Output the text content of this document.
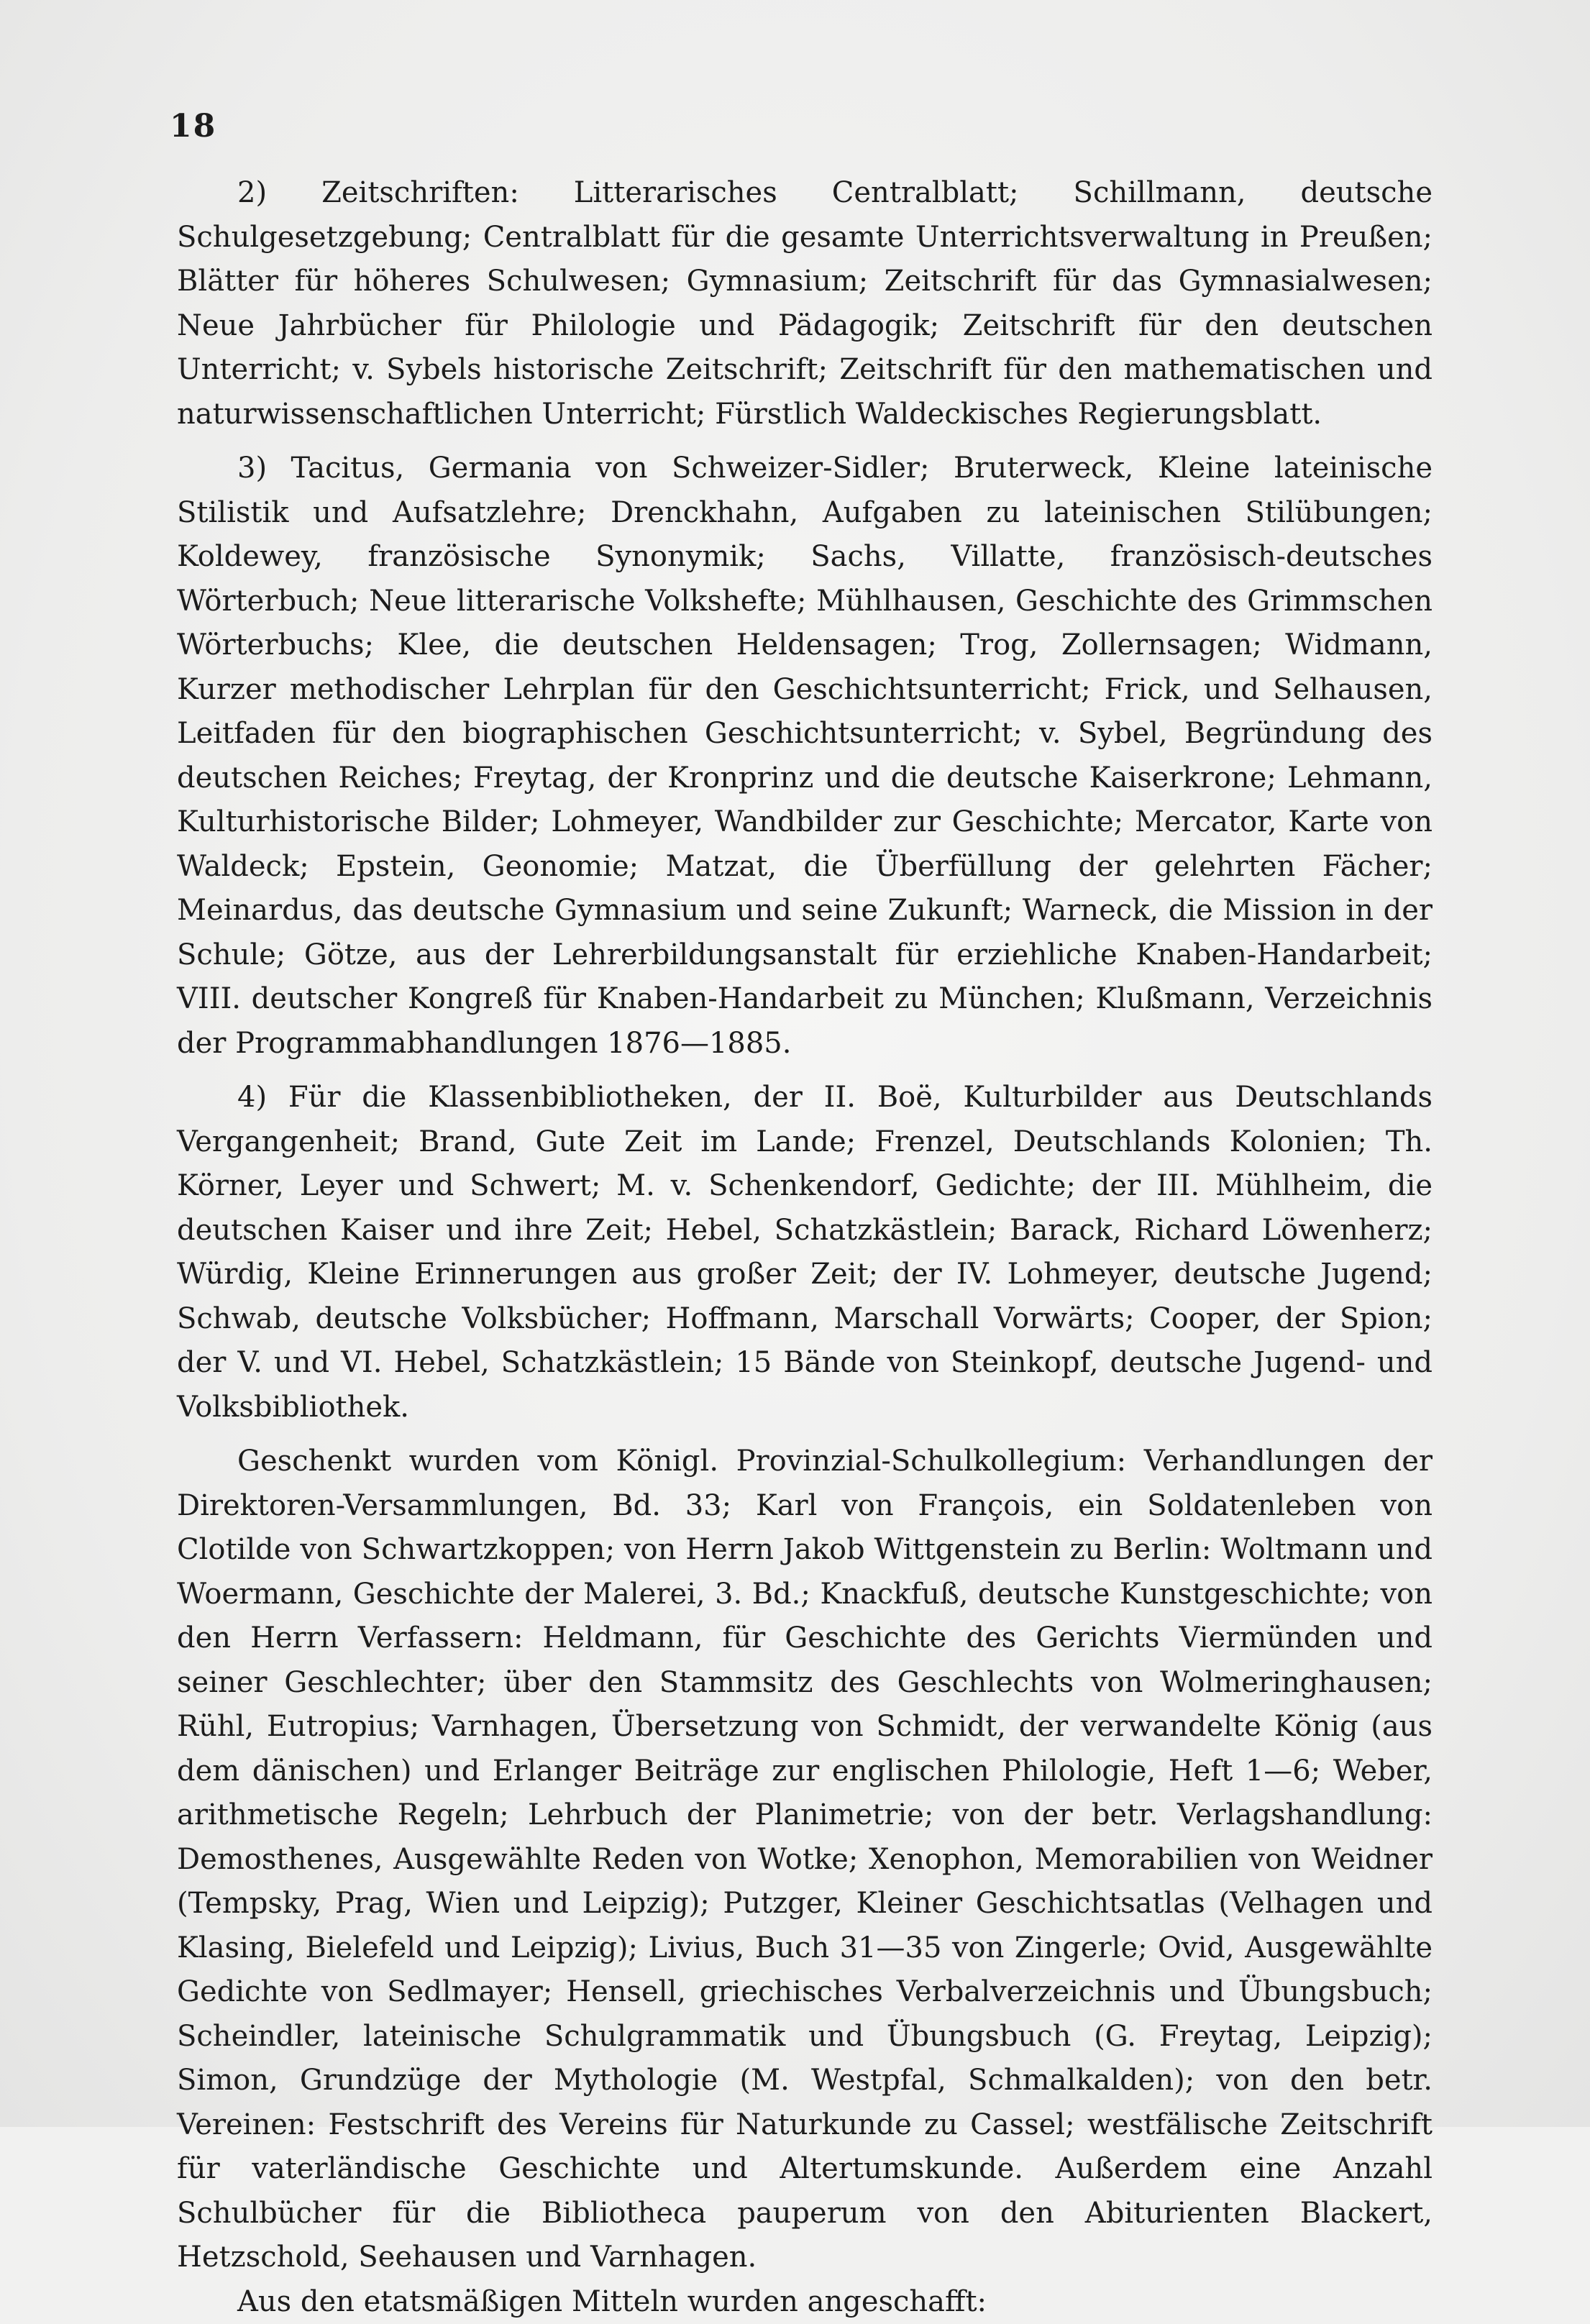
18

2) Zeitschriften: Litterarisches Centralblatt; Schillmann, deutsche Schulgesetzgebung; Centralblatt für die gesamte Unterrichtsverwaltung in Preußen; Blätter für höheres Schulwesen; Gymnasium; Zeitschrift für das Gymnasialwesen; Neue Jahrbücher für Philologie und Pädagogik; Zeitschrift für den deutschen Unterricht; v. Sybels historische Zeitschrift; Zeitschrift für den mathematischen und naturwissenschaftlichen Unterricht; Fürstlich Waldeckisches Regierungsblatt.

3) Tacitus, Germania von Schweizer-Sidler; Bruterweck, Kleine lateinische Stilistik und Aufsatzlehre; Drenckhahn, Aufgaben zu lateinischen Stilübungen; Koldewey, französische Synonymik; Sachs, Villatte, französisch-deutsches Wörterbuch; Neue litterarische Volkshefte; Mühlhausen, Geschichte des Grimmschen Wörterbuchs; Klee, die deutschen Heldensagen; Trog, Zollernsagen; Widmann, Kurzer methodischer Lehrplan für den Geschichtsunterricht; Frick, und Selhausen, Leitfaden für den biographischen Geschichtsunterricht; v. Sybel, Begründung des deutschen Reiches; Freytag, der Kronprinz und die deutsche Kaiserkrone; Lehmann, Kulturhistorische Bilder; Lohmeyer, Wandbilder zur Geschichte; Mercator, Karte von Waldeck; Epstein, Geonomie; Matzat, die Überfüllung der gelehrten Fächer; Meinardus, das deutsche Gymnasium und seine Zukunft; Warneck, die Mission in der Schule; Götze, aus der Lehrerbildungsanstalt für erziehliche Knaben-Handarbeit; VIII. deutscher Kongreß für Knaben-Handarbeit zu München; Klußmann, Verzeichnis der Programmabhandlungen 1876—1885.

4) Für die Klassenbibliotheken, der II. Boë, Kulturbilder aus Deutschlands Vergangenheit; Brand, Gute Zeit im Lande; Frenzel, Deutschlands Kolonien; Th. Körner, Leyer und Schwert; M. v. Schenkendorf, Gedichte; der III. Mühlheim, die deutschen Kaiser und ihre Zeit; Hebel, Schatzkästlein; Barack, Richard Löwenherz; Würdig, Kleine Erinnerungen aus großer Zeit; der IV. Lohmeyer, deutsche Jugend; Schwab, deutsche Volksbücher; Hoffmann, Marschall Vorwärts; Cooper, der Spion; der V. und VI. Hebel, Schatzkästlein; 15 Bände von Steinkopf, deutsche Jugend- und Volksbibliothek.

Geschenkt wurden vom Königl. Provinzial-Schulkollegium: Verhandlungen der Direktoren-Versammlungen, Bd. 33; Karl von François, ein Soldatenleben von Clotilde von Schwartzkoppen; von Herrn Jakob Wittgenstein zu Berlin: Woltmann und Woermann, Geschichte der Malerei, 3. Bd.; Knackfuß, deutsche Kunstgeschichte; von den Herrn Verfassern: Heldmann, für Geschichte des Gerichts Viermünden und seiner Geschlechter; über den Stammsitz des Geschlechts von Wolmeringhausen; Rühl, Eutropius; Varnhagen, Übersetzung von Schmidt, der verwandelte König (aus dem dänischen) und Erlanger Beiträge zur englischen Philologie, Heft 1—6; Weber, arithmetische Regeln; Lehrbuch der Planimetrie; von der betr. Verlagshandlung: Demosthenes, Ausgewählte Reden von Wotke; Xenophon, Memorabilien von Weidner (Tempsky, Prag, Wien und Leipzig); Putzger, Kleiner Geschichtsatlas (Velhagen und Klasing, Bielefeld und Leipzig); Livius, Buch 31—35 von Zingerle; Ovid, Ausgewählte Gedichte von Sedlmayer; Hensell, griechisches Verbalverzeichnis und Übungsbuch; Scheindler, lateinische Schulgrammatik und Übungsbuch (G. Freytag, Leipzig); Simon, Grundzüge der Mythologie (M. Westpfal, Schmalkalden); von den betr. Vereinen: Festschrift des Vereins für Naturkunde zu Cassel; westfälische Zeitschrift für vaterländische Geschichte und Altertumskunde. Außerdem eine Anzahl Schulbücher für die Bibliotheca pauperum von den Abiturienten Blackert, Hetzschold, Seehausen und Varnhagen.

Aus den etatsmäßigen Mitteln wurden angeschafft:
